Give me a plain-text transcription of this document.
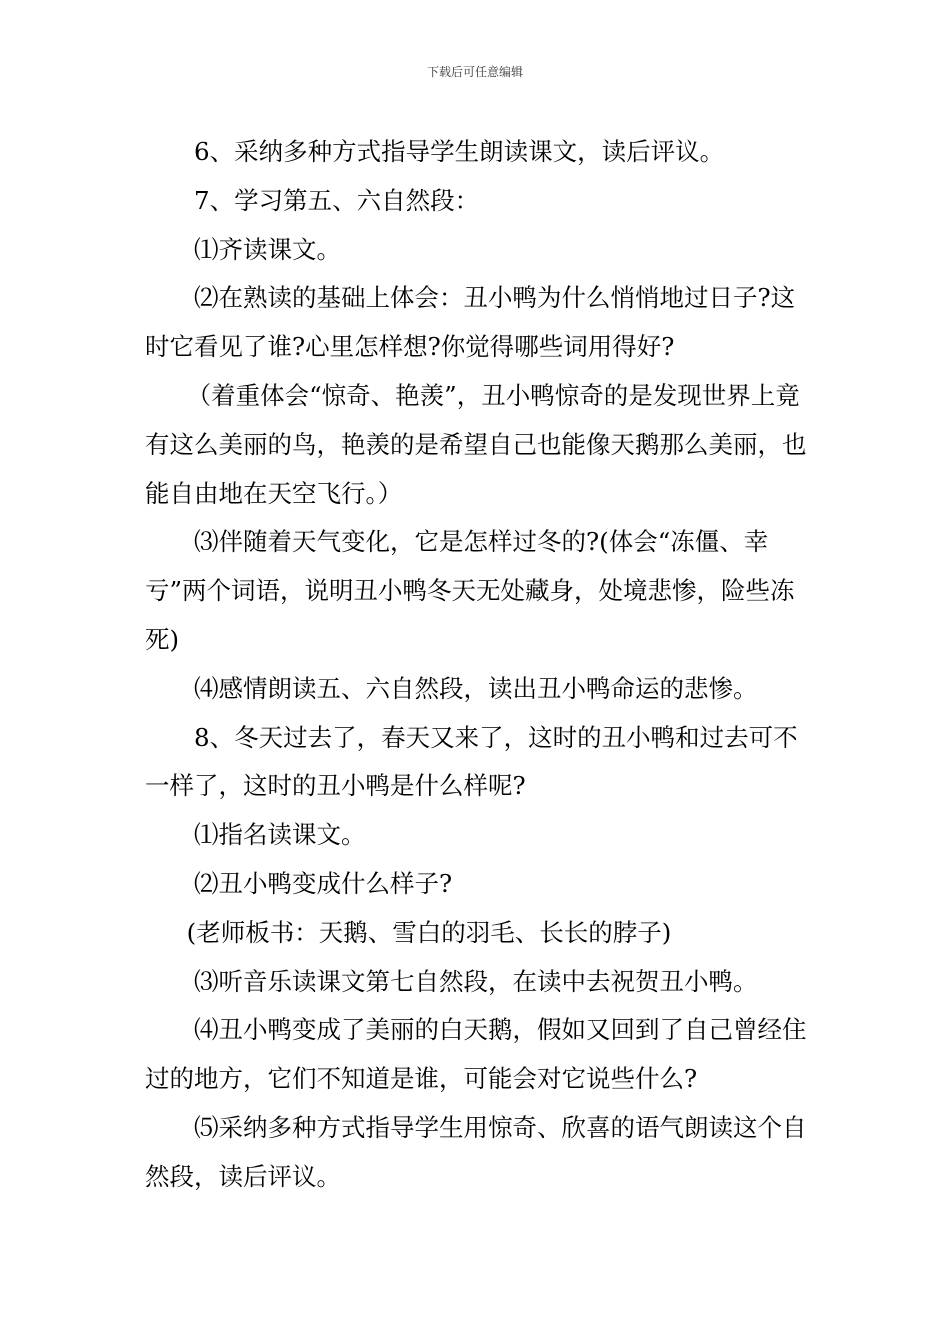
下载后可任意编辑

6、采纳多种方式指导学生朗读课文，读后评议。

7、学习第五、六自然段：

⑴齐读课文。

⑵在熟读的基础上体会：丑小鸭为什么悄悄地过日子?这时它看见了谁?心里怎样想?你觉得哪些词用得好?

（着重体会“惊奇、艳羡”，丑小鸭惊奇的是发现世界上竟有这么美丽的鸟，艳羡的是希望自己也能像天鹅那么美丽，也能自由地在天空飞行。）

⑶伴随着天气变化，它是怎样过冬的?(体会“冻僵、幸亏”两个词语，说明丑小鸭冬天无处藏身，处境悲惨，险些冻死)

⑷感情朗读五、六自然段，读出丑小鸭命运的悲惨。

8、冬天过去了，春天又来了，这时的丑小鸭和过去可不一样了，这时的丑小鸭是什么样呢?

⑴指名读课文。

⑵丑小鸭变成什么样子?

(老师板书：天鹅、雪白的羽毛、长长的脖子)

⑶听音乐读课文第七自然段，在读中去祝贺丑小鸭。

⑷丑小鸭变成了美丽的白天鹅，假如又回到了自己曾经住过的地方，它们不知道是谁，可能会对它说些什么?

⑸采纳多种方式指导学生用惊奇、欣喜的语气朗读这个自然段，读后评议。
